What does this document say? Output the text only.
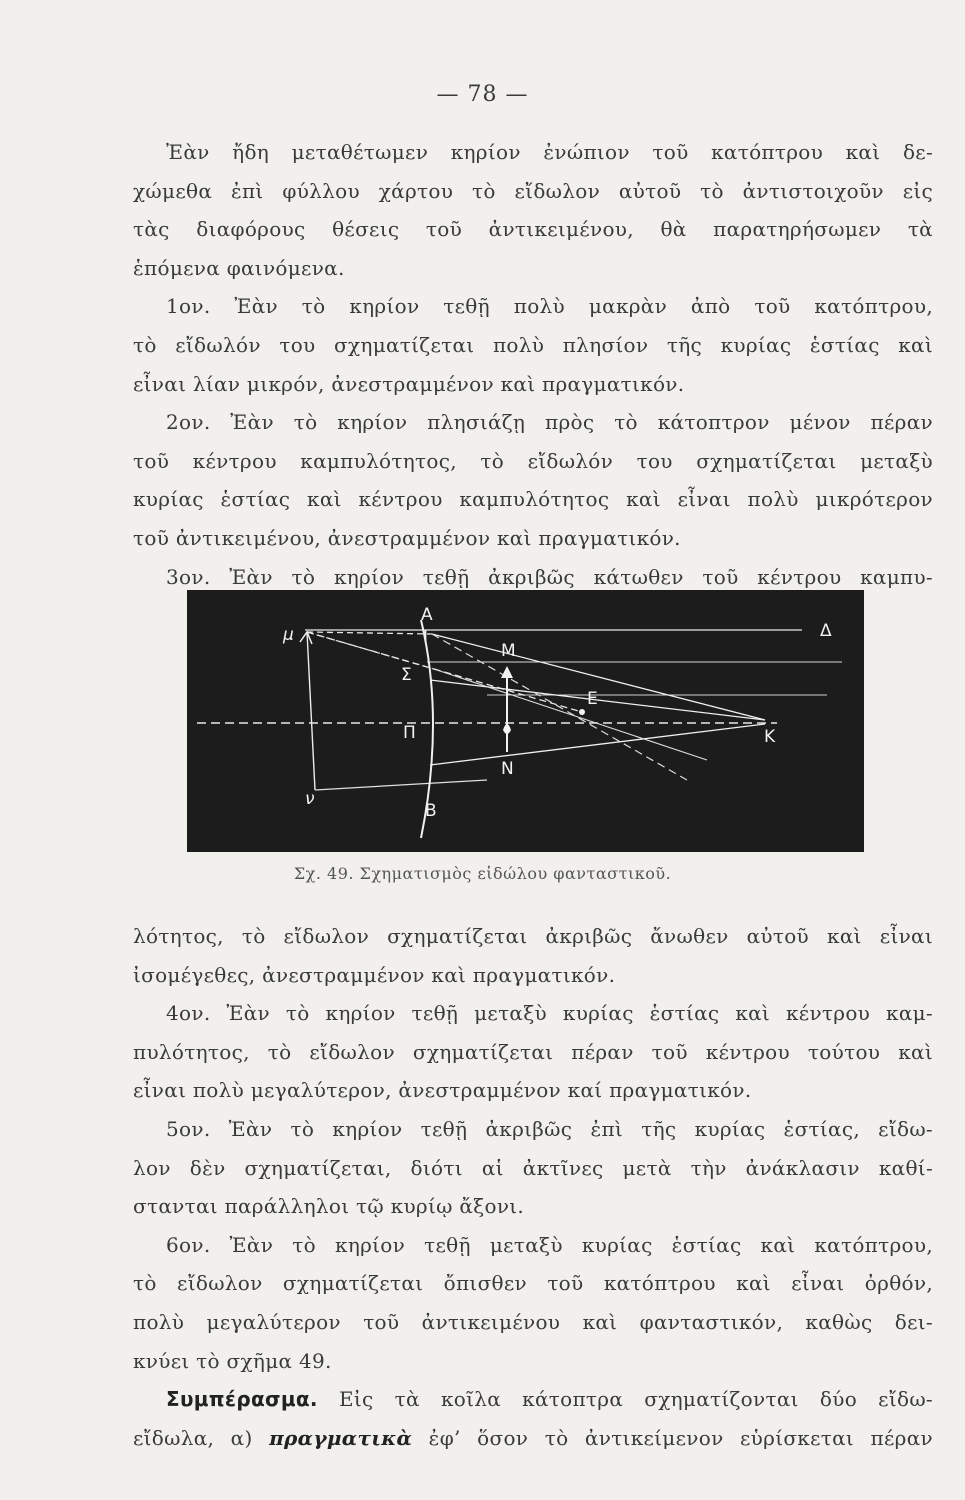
— 78 —
Ἐὰν ἤδη μεταθέτωμεν κηρίον ἐνώπιον τοῦ κατόπτρου καὶ δε-
χώμεθα ἐπὶ φύλλου χάρτου τὸ εἴδωλον αὐτοῦ τὸ ἀντιστοιχοῦν εἰς
τὰς διαφόρους θέσεις τοῦ ἀντικειμένου, θὰ παρατηρήσωμεν τὰ
ἑπόμενα φαινόμενα.
1ον. Ἐὰν τὸ κηρίον τεθῇ πολὺ μακρὰν ἀπὸ τοῦ κατόπτρου,
τὸ εἴδωλόν του σχηματίζεται πολὺ πλησίον τῆς κυρίας ἑστίας καὶ
εἶναι λίαν μικρόν, ἀνεστραμμένον καὶ πραγματικόν.
2ον. Ἐὰν τὸ κηρίον πλησιάζῃ πρὸς τὸ κάτοπτρον μένον πέραν
τοῦ κέντρου καμπυλότητος, τὸ εἴδωλόν του σχηματίζεται μεταξὺ
κυρίας ἑστίας καὶ κέντρου καμπυλότητος καὶ εἶναι πολὺ μικρότερον
τοῦ ἀντικειμένου, ἀνεστραμμένον καὶ πραγματικόν.
3ον. Ἐὰν τὸ κηρίον τεθῇ ἀκριβῶς κάτωθεν τοῦ κέντρου καμπυ-
Α
Ι
M
Δ
μ
Σ
E
Π	K
N
ν
B
Σχ. 49. Σχηματισμὸς εἰδώλου φανταστικοῦ.
λότητος, τὸ εἴδωλον σχηματίζεται ἀκριβῶς ἄνωθεν αὐτοῦ καὶ εἶναι
ἰσομέγεθες, ἀνεστραμμένον καὶ πραγματικόν.
4ον. Ἐὰν τὸ κηρίον τεθῇ μεταξὺ κυρίας ἑστίας καὶ κέντρου καμ-
πυλότητος, τὸ εἴδωλον σχηματίζεται πέραν τοῦ κέντρου τούτου καὶ
εἶναι πολὺ μεγαλύτερον, ἀνεστραμμένον καί πραγματικόν.
5ον. Ἐὰν τὸ κηρίον τεθῇ ἀκριβῶς ἐπὶ τῆς κυρίας ἑστίας, εἴδω-
λον δὲν σχηματίζεται, διότι αἱ ἀκτῖνες μετὰ τὴν ἀνάκλασιν καθί-
στανται παράλληλοι τῷ κυρίῳ ἄξονι.
6ον. Ἐὰν τὸ κηρίον τεθῇ μεταξὺ κυρίας ἑστίας καὶ κατόπτρου,
τὸ εἴδωλον σχηματίζεται ὄπισθεν τοῦ κατόπτρου καὶ εἶναι ὀρθόν,
πολὺ μεγαλύτερον τοῦ ἀντικειμένου καὶ φανταστικόν, καθὼς δει-
κνύει τὸ σχῆμα 49.
Συμπέρασμα. Εἰς τὰ κοῖλα κάτοπτρα σχηματίζονται δύο εἴδω-
εἴδωλα, α) πραγματικὰ ἐφ’ ὅσον τὸ ἀντικείμενον εὑρίσκεται πέραν
